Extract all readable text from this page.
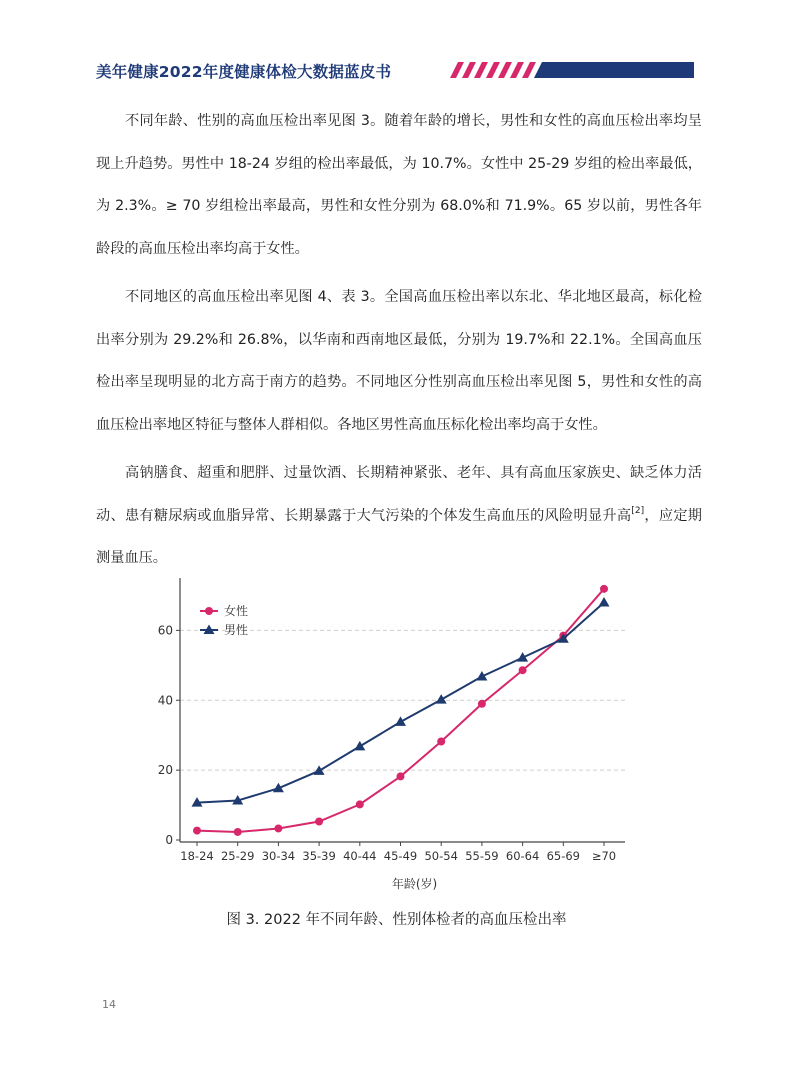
美年健康2022年度健康体检大数据蓝皮书

不同年龄、性别的高血压检出率见图 3。随着年龄的增长，男性和女性的高血压检出率均呈现上升趋势。男性中 18-24 岁组的检出率最低，为 10.7%。女性中 25-29 岁组的检出率最低，为 2.3%。≥ 70 岁组检出率最高，男性和女性分别为 68.0%和 71.9%。65 岁以前，男性各年龄段的高血压检出率均高于女性。

不同地区的高血压检出率见图 4、表 3。全国高血压检出率以东北、华北地区最高，标化检出率分别为 29.2%和 26.8%，以华南和西南地区最低，分别为 19.7%和 22.1%。全国高血压检出率呈现明显的北方高于南方的趋势。不同地区分性别高血压检出率见图 5，男性和女性的高血压检出率地区特征与整体人群相似。各地区男性高血压标化检出率均高于女性。

高钠膳食、超重和肥胖、过量饮酒、长期精神紧张、老年、具有高血压家族史、缺乏体力活动、患有糖尿病或血脂异常、长期暴露于大气污染的个体发生高血压的风险明显升高[2]，应定期测量血压。

0
20
40
60
18-24 25-29 30-34 35-39 40-44 45-49 50-54 55-59 60-64 65-69 ≥70
年龄(岁)
女性
男性
图 3. 2022 年不同年龄、性别体检者的高血压检出率
14
